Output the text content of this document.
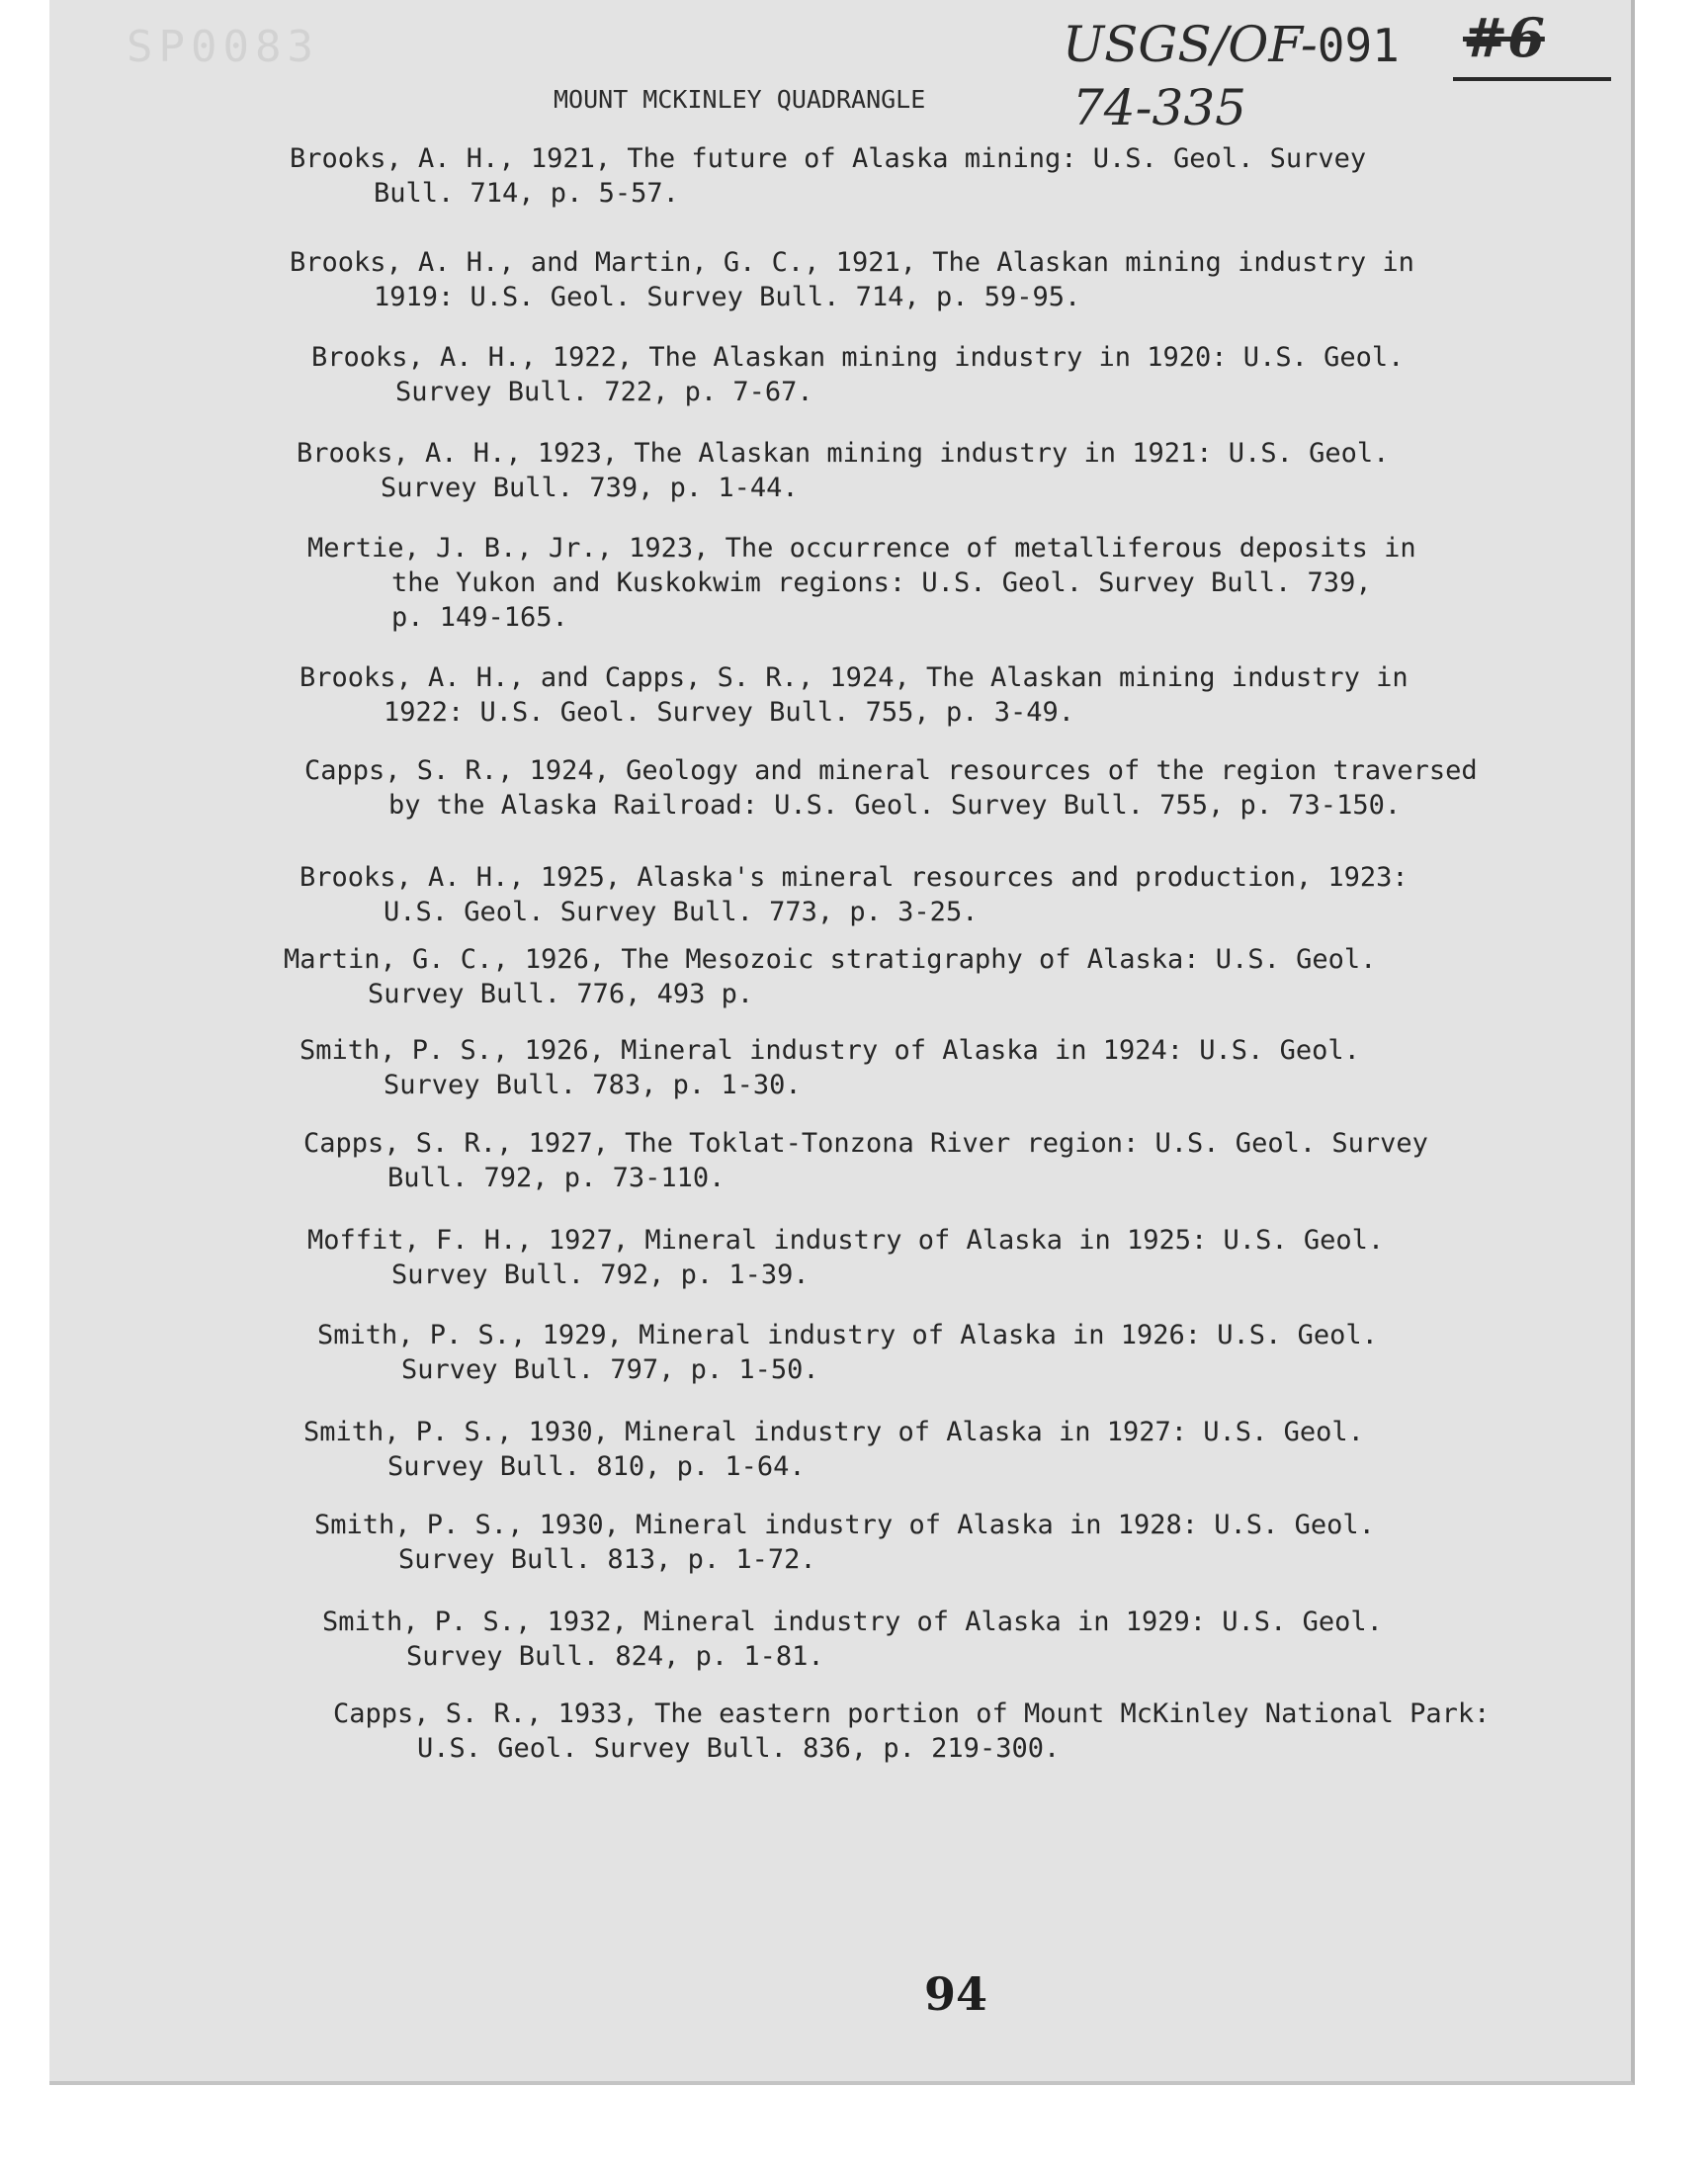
SP0083	USGS/OF-091 #6
74-335
MOUNT MCKINLEY QUADRANGLE

Brooks, A. H., 1921, The future of Alaska mining: U.S. Geol. Survey
Bull. 714, p. 5-57.

Brooks, A. H., and Martin, G. C., 1921, The Alaskan mining industry in
1919: U.S. Geol. Survey Bull. 714, p. 59-95.

Brooks, A. H., 1922, The Alaskan mining industry in 1920: U.S. Geol.
Survey Bull. 722, p. 7-67.

Brooks, A. H., 1923, The Alaskan mining industry in 1921: U.S. Geol.
Survey Bull. 739, p. 1-44.

Mertie, J. B., Jr., 1923, The occurrence of metalliferous deposits in
the Yukon and Kuskokwim regions: U.S. Geol. Survey Bull. 739,
p. 149-165.

Brooks, A. H., and Capps, S. R., 1924, The Alaskan mining industry in
1922: U.S. Geol. Survey Bull. 755, p. 3-49.

Capps, S. R., 1924, Geology and mineral resources of the region traversed
by the Alaska Railroad: U.S. Geol. Survey Bull. 755, p. 73-150.

Brooks, A. H., 1925, Alaska's mineral resources and production, 1923:
U.S. Geol. Survey Bull. 773, p. 3-25.

Martin, G. C., 1926, The Mesozoic stratigraphy of Alaska: U.S. Geol.
Survey Bull. 776, 493 p.

Smith, P. S., 1926, Mineral industry of Alaska in 1924: U.S. Geol.
Survey Bull. 783, p. 1-30.

Capps, S. R., 1927, The Toklat-Tonzona River region: U.S. Geol. Survey
Bull. 792, p. 73-110.

Moffit, F. H., 1927, Mineral industry of Alaska in 1925: U.S. Geol.
Survey Bull. 792, p. 1-39.

Smith, P. S., 1929, Mineral industry of Alaska in 1926: U.S. Geol.
Survey Bull. 797, p. 1-50.

Smith, P. S., 1930, Mineral industry of Alaska in 1927: U.S. Geol.
Survey Bull. 810, p. 1-64.

Smith, P. S., 1930, Mineral industry of Alaska in 1928: U.S. Geol.
Survey Bull. 813, p. 1-72.

Smith, P. S., 1932, Mineral industry of Alaska in 1929: U.S. Geol.
Survey Bull. 824, p. 1-81.

Capps, S. R., 1933, The eastern portion of Mount McKinley National Park:
U.S. Geol. Survey Bull. 836, p. 219-300.

94
